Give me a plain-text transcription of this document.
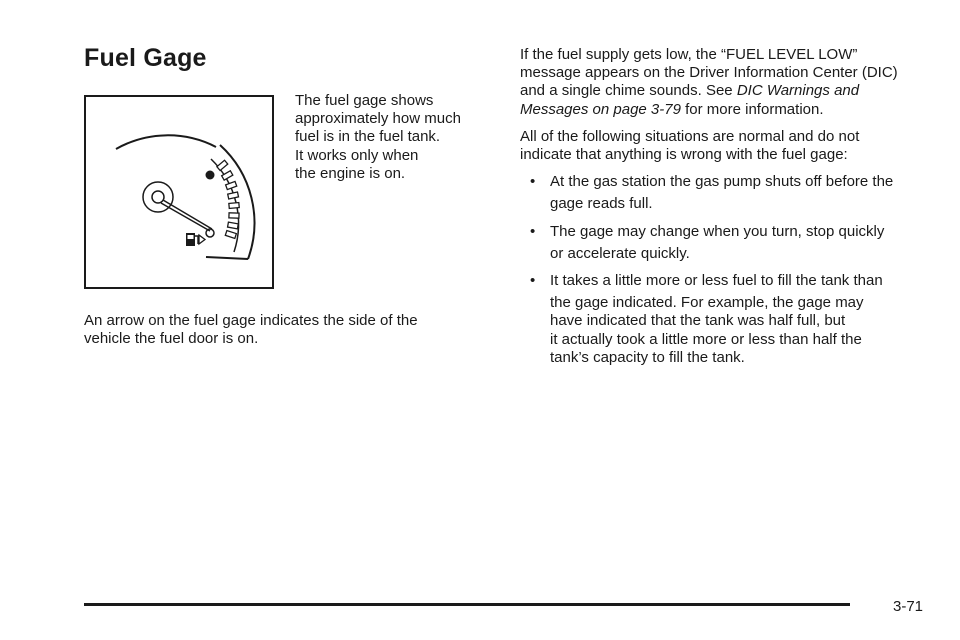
Fuel Gage
The fuel gage shows
approximately how much
fuel is in the fuel tank.
It works only when
the engine is on.

An arrow on the fuel gage indicates the side of the
vehicle the fuel door is on.

If the fuel supply gets low, the “FUEL LEVEL LOW”
message appears on the Driver Information Center (DIC)
and a single chime sounds. See DIC Warnings and
Messages on page 3-79 for more information.

All of the following situations are normal and do not
indicate that anything is wrong with the fuel gage:

• At the gas station the gas pump shuts off before the
gage reads full.
• The gage may change when you turn, stop quickly
or accelerate quickly.
• It takes a little more or less fuel to fill the tank than
the gage indicated. For example, the gage may
have indicated that the tank was half full, but
it actually took a little more or less than half the
tank’s capacity to fill the tank.
3-71
